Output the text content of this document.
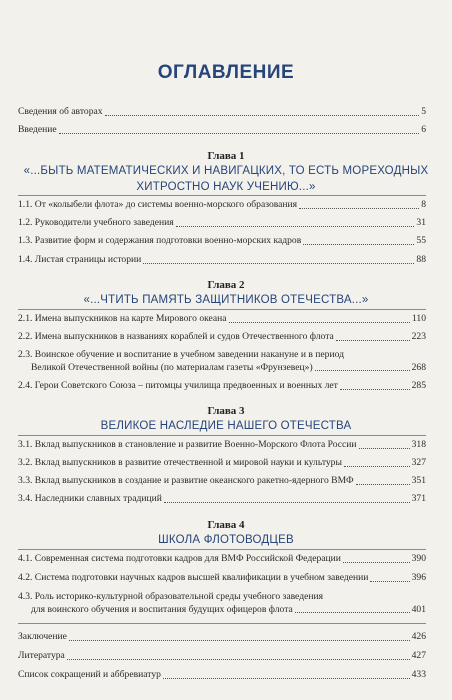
ОГЛАВЛЕНИЕ
Сведения об авторах	5
Введение	6
Глава 1
«...БЫТЬ МАТЕМАТИЧЕСКИХ И НАВИГАЦКИХ, ТО ЕСТЬ МОРЕХОДНЫХ
ХИТРОСТНО НАУК УЧЕНИЮ...»
1.1. От «колыбели флота» до системы военно-морского образования	8
1.2. Руководители учебного заведения	31
1.3. Развитие форм и содержания подготовки военно-морских кадров	55
1.4. Листая страницы истории	88
Глава 2
«...ЧТИТЬ ПАМЯТЬ ЗАЩИТНИКОВ ОТЕЧЕСТВА...»
2.1. Имена выпускников на карте Мирового океана	110
2.2. Имена выпускников в названиях кораблей и судов Отечественного флота	223
2.3. Воинское обучение и воспитание в учебном заведении накануне и в период
Великой Отечественной войны (по материалам газеты «Фрунзевец»)	268
2.4. Герои Советского Союза – питомцы училища предвоенных и военных лет	285
Глава 3
ВЕЛИКОЕ НАСЛЕДИЕ НАШЕГО ОТЕЧЕСТВА
3.1. Вклад выпускников в становление и развитие Военно-Морского Флота России	318
3.2. Вклад выпускников в развитие отечественной и мировой науки и культуры	327
3.3. Вклад выпускников в создание и развитие океанского ракетно-ядерного ВМФ	351
3.4. Наследники славных традиций	371
Глава 4
ШКОЛА ФЛОТОВОДЦЕВ
4.1. Современная система подготовки кадров для ВМФ Российской Федерации	390
4.2. Система подготовки научных кадров высшей квалификации в учебном заведении	396
4.3. Роль историко-культурной образовательной среды учебного заведения
для воинского обучения и воспитания будущих офицеров флота	401
Заключение	426
Литература	427
Список сокращений и аббревиатур	433
